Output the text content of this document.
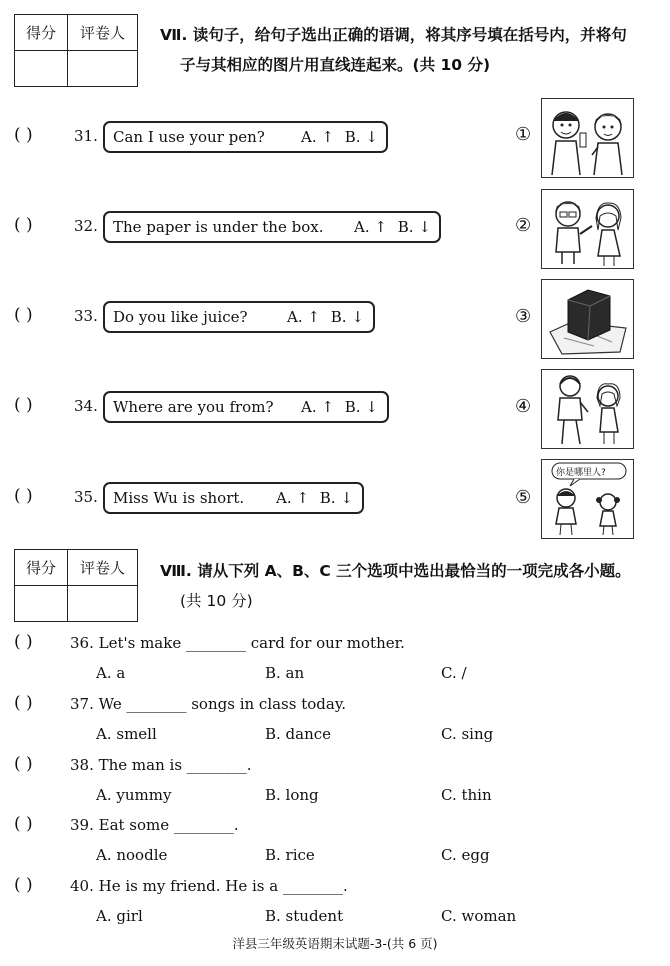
得分	评卷人
	Ⅶ. 读句子，给句子选出正确的语调，将其序号填在括号内，并将句
子与其相应的图片用直线连起来。(共 10 分)
( )	31.	Can I use your pen? A. ↑ B. ↓
( )	32.	The paper is under the box. A. ↑ B. ↓
( )	33.	Do you like juice?	A. ↑ B. ↓
( )	34.	Where are you from? A. ↑ B. ↓
( )	35.	Miss Wu is short. A. ↑ B. ↓
①
②
③
④
⑤
你是哪里人?
得分	评卷人
	Ⅷ. 请从下列 A、B、C 三个选项中选出最恰当的一项完成各小题。
(共 10 分)
( ) 36. Let's make ________ card for our mother.
A. a	B. an	C. /
( ) 37. We ________ songs in class today.
A. smell	B. dance	C. sing
( ) 38. The man is ________.
A. yummy	B. long	C. thin
( ) 39. Eat some ________.
A. noodle	B. rice	C. egg
( ) 40. He is my friend. He is a ________.
A. girl	B. student	C. woman
洋县三年级英语期末试题-3-(共 6 页)
